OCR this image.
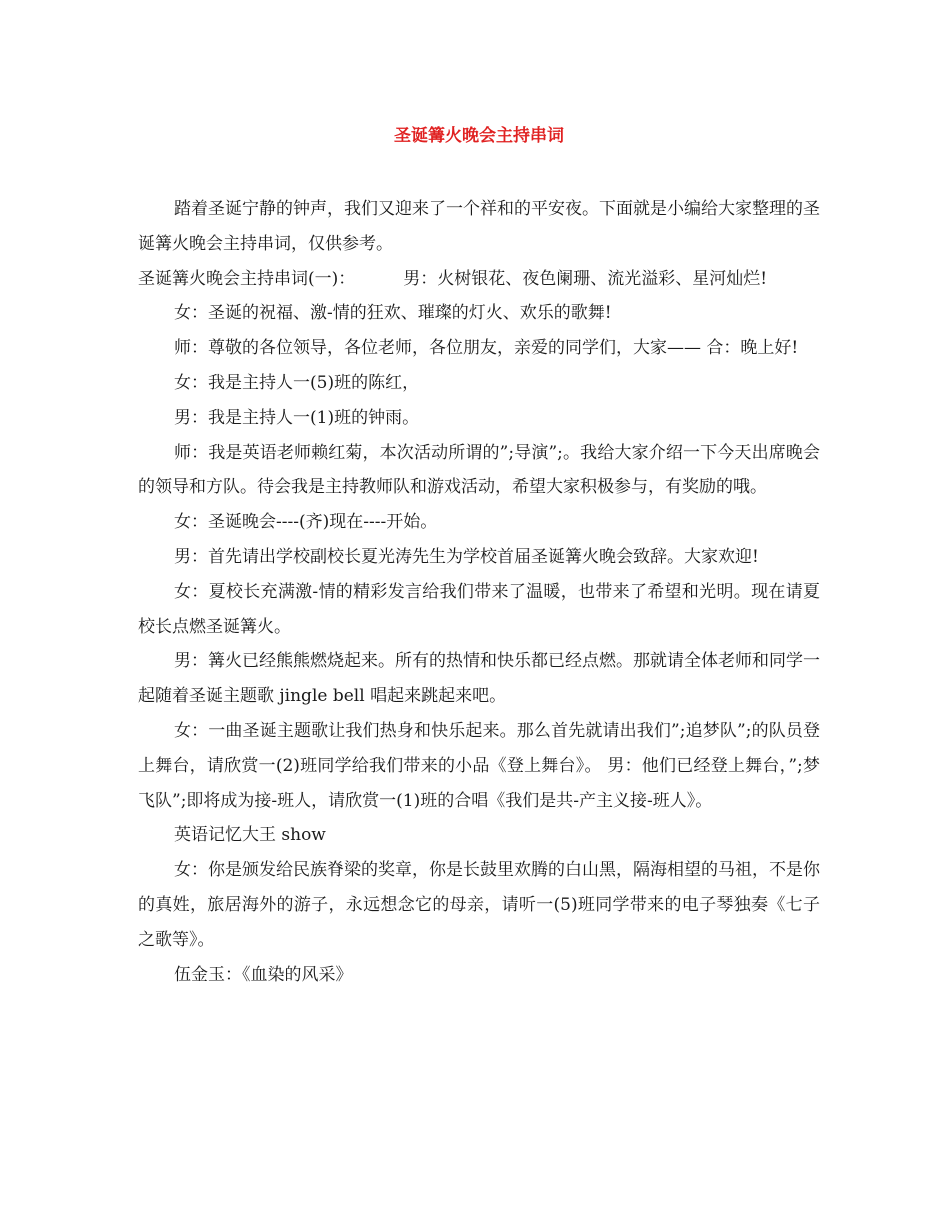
圣诞篝火晚会主持串词

踏着圣诞宁静的钟声，我们又迎来了一个祥和的平安夜。下面就是小编给大家整理的圣诞篝火晚会主持串词，仅供参考。

圣诞篝火晚会主持串词(一)：	男：火树银花、夜色阑珊、流光溢彩、星河灿烂!

女：圣诞的祝福、激-情的狂欢、璀璨的灯火、欢乐的歌舞!

师：尊敬的各位领导，各位老师，各位朋友，亲爱的同学们，大家—— 合：晚上好!

女：我是主持人一(5)班的陈红，

男：我是主持人一(1)班的钟雨。

师：我是英语老师赖红菊，本次活动所谓的”;导演”;。我给大家介绍一下今天出席晚会的领导和方队。待会我是主持教师队和游戏活动，希望大家积极参与，有奖励的哦。

女：圣诞晚会----(齐)现在----开始。

男：首先请出学校副校长夏光涛先生为学校首届圣诞篝火晚会致辞。大家欢迎!

女：夏校长充满激-情的精彩发言给我们带来了温暖，也带来了希望和光明。现在请夏校长点燃圣诞篝火。

男：篝火已经熊熊燃烧起来。所有的热情和快乐都已经点燃。那就请全体老师和同学一起随着圣诞主题歌 jingle bell 唱起来跳起来吧。

女：一曲圣诞主题歌让我们热身和快乐起来。那么首先就请出我们”;追梦队”;的队员登上舞台，请欣赏一(2)班同学给我们带来的小品《登上舞台》。 男：他们已经登上舞台，”;梦飞队”;即将成为接-班人，请欣赏一(1)班的合唱《我们是共-产主义接-班人》。

英语记忆大王 show

女：你是颁发给民族脊梁的奖章，你是长鼓里欢腾的白山黑，隔海相望的马祖，不是你的真姓，旅居海外的游子，永远想念它的母亲，请听一(5)班同学带来的电子琴独奏《七子之歌等》。

伍金玉：《血染的风采》
